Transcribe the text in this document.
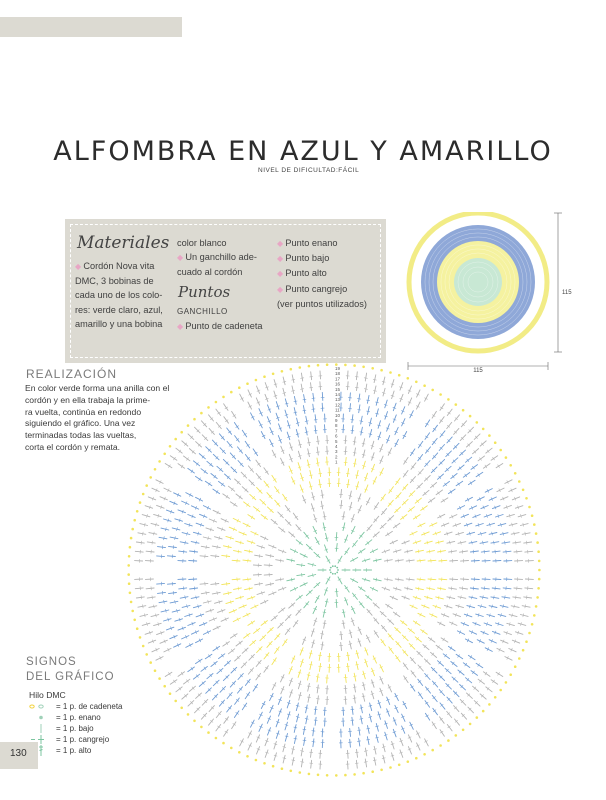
ALFOMBRA EN AZUL Y AMARILLO
NIVEL DE DIFICULTAD:FÁCIL
Materiales
◆ Cordón Nova vita
DMC, 3 bobinas de
cada uno de los colo-
res: verde claro, azul,
amarillo y una bobina
color blanco
◆ Un ganchillo ade-
cuado al cordón
Puntos
GANCHILLO
◆ Punto de cadeneta
◆ Punto enano
◆ Punto bajo
◆ Punto alto
◆ Punto cangrejo
(ver puntos utilizados)
115
115
REALIZACIÓN
En color verde forma una anilla con el
cordón y en ella trabaja la prime-
ra vuelta, continúa en redondo
siguiendo el gráfico. Una vez
terminadas todas las vueltas,
corta el cordón y remata.
19
18
17
16
15
14
13
12
11
10
9
8
7
6
5
4
3
2
1
SIGNOS
DEL GRÁFICO
Hilo DMC
= 1 p. de cadeneta
= 1 p. enano
= 1 p. bajo
= 1 p. cangrejo
= 1 p. alto
130
